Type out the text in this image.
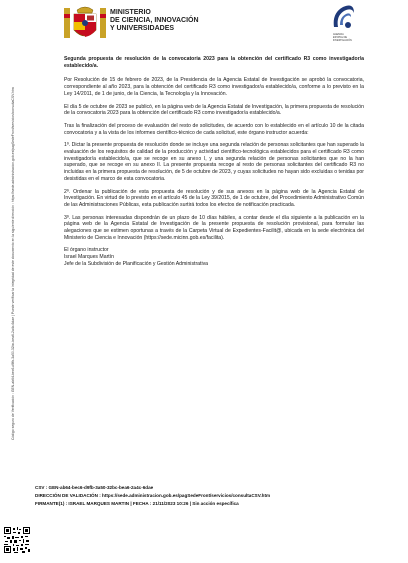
MINISTERIO
DE CIENCIA, INNOVACIÓN
Y UNIVERSIDADES
AGENCIA
ESTATAL DE
INVESTIGACIÓN
Código seguro de Verificación : GEN-ab64-bec6-d9fb-3a50-32bc-bea6-2a4c-6dae | Puede verificar la integridad de este documento en la siguiente dirección : https://sede.administracion.gob.es/pagSedeFront/servicios/consultaCSV.htm

Segunda propuesta de resolución de la convocatoria 2023 para la obtención del certificado R3 como investigador/a establecido/a.

Por Resolución de 15 de febrero de 2023, de la Presidencia de la Agencia Estatal de Investigación se aprobó la convocatoria, correspondiente al año 2023, para la obtención del certificado R3 como investigador/a establecido/a, conforme a lo previsto en la Ley 14/2011, de 1 de junio, de la Ciencia, la Tecnología y la Innovación.

El día 5 de octubre de 2023 se publicó, en la página web de la Agencia Estatal de Investigación, la primera propuesta de resolución de la convocatoria 2023 para la obtención del certificado R3 como investigador/a establecido/a.

Tras la finalización del proceso de evaluación del resto de solicitudes, de acuerdo con lo establecido en el artículo 10 de la citada convocatoria y a la vista de los informes científico-técnico de cada solicitud, este órgano instructor acuerda:

1º. Dictar la presente propuesta de resolución donde se incluye una segunda relación de personas solicitantes que han superado la evaluación de los requisitos de calidad de la producción y actividad científico-tecnológica establecidos para el certificado R3 como investigador/a establecido/a, que se recoge en su anexo I, y una segunda relación de personas solicitantes que no la han superado, que se recoge en su anexo II. La presente propuesta recoge al resto de personas solicitantes del certificado R3 no incluidas en la primera propuesta de resolución, de 5 de octubre de 2023, y cuyas solicitudes no hayan sido excluidas o tenidas por desistidas en el marco de esta convocatoria.

2º. Ordenar la publicación de esta propuesta de resolución y de sus anexos en la página web de la Agencia Estatal de Investigación. En virtud de lo previsto en el artículo 45 de la Ley 39/2015, de 1 de octubre, del Procedimiento Administrativo Común de las Administraciones Públicas, esta publicación surtirá todos los efectos de notificación practicada.

3º. Las personas interesadas dispondrán de un plazo de 10 días hábiles, a contar desde el día siguiente a la publicación en la página web de la Agencia Estatal de Investigación de la presente propuesta de resolución provisional, para formular las alegaciones que se estimen oportunas a través de la Carpeta Virtual de Expedientes-Facilit@, ubicada en la sede electrónica del Ministerio de Ciencia e Innovación (https://sede.micinn.gob.es/facilita).

El órgano instructor

Israel Marques Martín

Jefe de la Subdivisión de Planificación y Gestión Administrativa

CSV : GEN-ab64-bec6-d9fb-3a50-32bc-bea6-2a4c-6dae
DIRECCIÓN DE VALIDACIÓN : https://sede.administracion.gob.es/pagSedeFront/servicios/consultaCSV.htm
FIRMANTE(1) : ISRAEL MARQUES MARTIN | FECHA : 21/11/2023 10:26 | Sin acción específica
